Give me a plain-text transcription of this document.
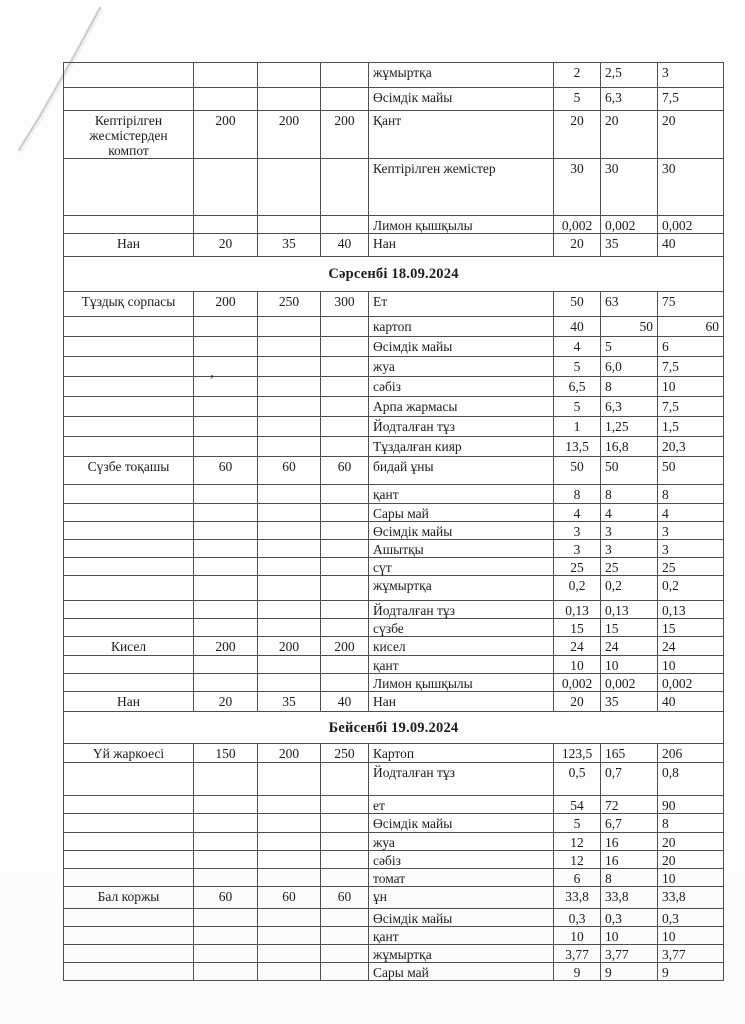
				жұмыртқа	2	2,5	3
				Өсімдік майы	5	6,3	7,5
Кептірілген жесмістерден компот	200	200	200	Қант	20	20	20
				Кептірілген жемістер	30	30	30
				Лимон қышқылы	0,002	0,002	0,002
Нан	20	35	40	Нан	20	35	40
Сәрсенбі 18.09.2024							
Тұздық сорпасы	200	250	300	Ет	50	63	75
				картоп	40	50	60
				Өсімдік майы	4	5	6
				жуа	5	6,0	7,5
				сәбіз	6,5	8	10
				Арпа жармасы	5	6,3	7,5
				Йодталған тұз	1	1,25	1,5
				Тұздалған кияр	13,5	16,8	20,3
Сүзбе тоқашы	60	60	60	бидай ұны	50	50	50
				қант	8	8	8
				Сары май	4	4	4
				Өсімдік майы	3	3	3
				Ашытқы	3	3	3
				сүт	25	25	25
				жұмыртқа	0,2	0,2	0,2
				Йодталған тұз	0,13	0,13	0,13
				сүзбе	15	15	15
Кисел	200	200	200	кисел	24	24	24
				қант	10	10	10
				Лимон қышқылы	0,002	0,002	0,002
Нан	20	35	40	Нан	20	35	40
Бейсенбі 19.09.2024							
Үй жаркоесі	150	200	250	Картоп	123,5	165	206
				Йодталған тұз	0,5	0,7	0,8
				ет	54	72	90
				Өсімдік майы	5	6,7	8
				жуа	12	16	20
				сәбіз	12	16	20
				томат	6	8	10
Бал коржы	60	60	60	ұн	33,8	33,8	33,8
				Өсімдік майы	0,3	0,3	0,3
				қант	10	10	10
				жұмыртқа	3,77	3,77	3,77
				Сары май	9	9	9
,
